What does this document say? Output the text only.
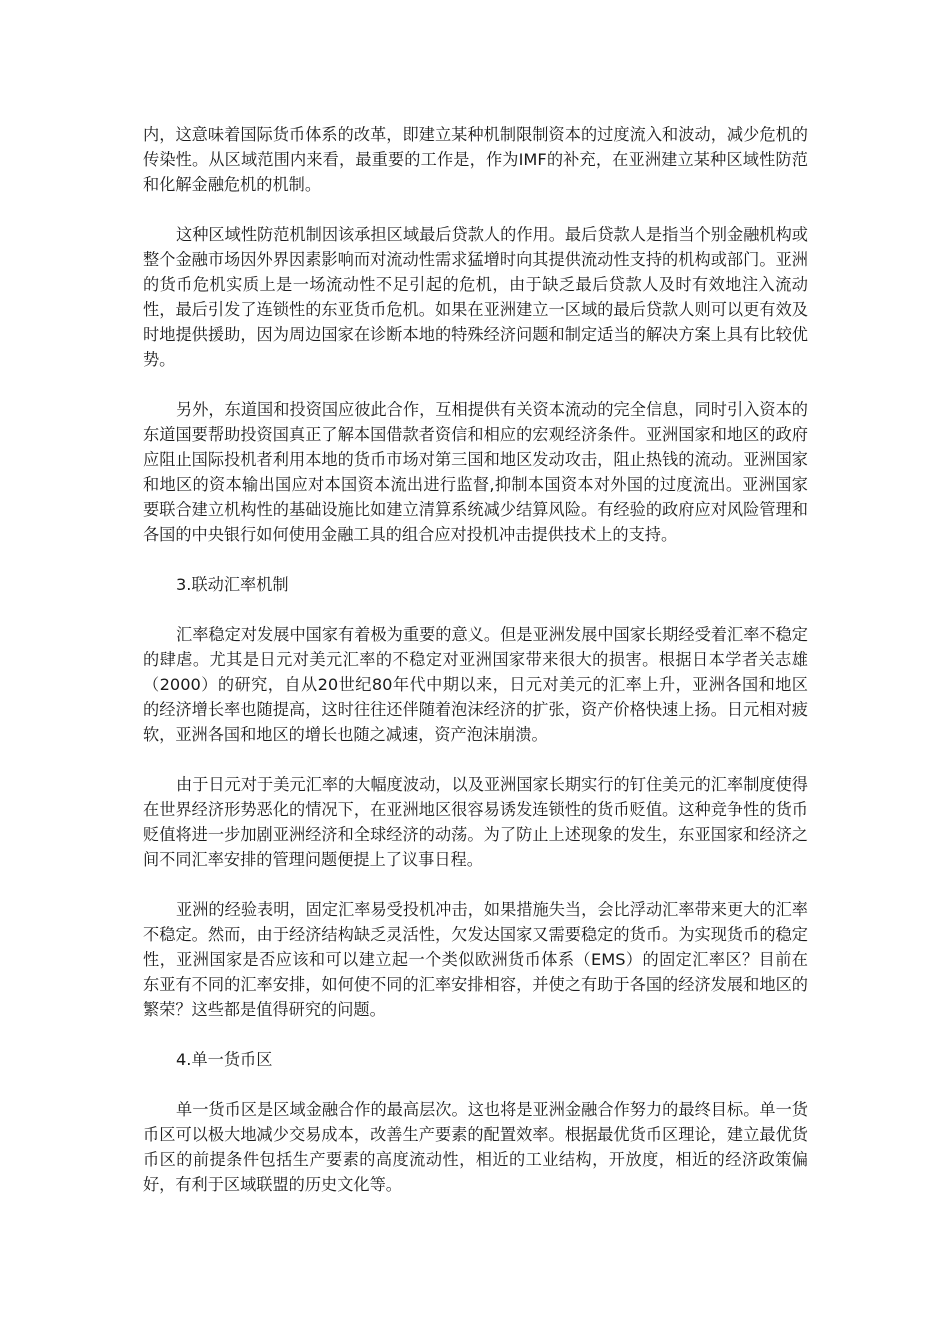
内，这意味着国际货币体系的改革，即建立某种机制限制资本的过度流入和波动，减少危机的传染性。从区域范围内来看，最重要的工作是，作为IMF的补充，在亚洲建立某种区域性防范和化解金融危机的机制。

这种区域性防范机制因该承担区域最后贷款人的作用。最后贷款人是指当个别金融机构或整个金融市场因外界因素影响而对流动性需求猛增时向其提供流动性支持的机构或部门。亚洲的货币危机实质上是一场流动性不足引起的危机，由于缺乏最后贷款人及时有效地注入流动性，最后引发了连锁性的东亚货币危机。如果在亚洲建立一区域的最后贷款人则可以更有效及时地提供援助，因为周边国家在诊断本地的特殊经济问题和制定适当的解决方案上具有比较优势。

另外，东道国和投资国应彼此合作，互相提供有关资本流动的完全信息，同时引入资本的东道国要帮助投资国真正了解本国借款者资信和相应的宏观经济条件。亚洲国家和地区的政府应阻止国际投机者利用本地的货币市场对第三国和地区发动攻击，阻止热钱的流动。亚洲国家和地区的资本输出国应对本国资本流出进行监督,抑制本国资本对外国的过度流出。亚洲国家要联合建立机构性的基础设施比如建立清算系统减少结算风险。有经验的政府应对风险管理和各国的中央银行如何使用金融工具的组合应对投机冲击提供技术上的支持。

3.联动汇率机制

汇率稳定对发展中国家有着极为重要的意义。但是亚洲发展中国家长期经受着汇率不稳定的肆虐。尤其是日元对美元汇率的不稳定对亚洲国家带来很大的损害。根据日本学者关志雄（2000）的研究，自从20世纪80年代中期以来，日元对美元的汇率上升，亚洲各国和地区的经济增长率也随提高，这时往往还伴随着泡沫经济的扩张，资产价格快速上扬。日元相对疲软，亚洲各国和地区的增长也随之减速，资产泡沫崩溃。

由于日元对于美元汇率的大幅度波动，以及亚洲国家长期实行的钉住美元的汇率制度使得在世界经济形势恶化的情况下，在亚洲地区很容易诱发连锁性的货币贬值。这种竞争性的货币贬值将进一步加剧亚洲经济和全球经济的动荡。为了防止上述现象的发生，东亚国家和经济之间不同汇率安排的管理问题便提上了议事日程。

亚洲的经验表明，固定汇率易受投机冲击，如果措施失当，会比浮动汇率带来更大的汇率不稳定。然而，由于经济结构缺乏灵活性，欠发达国家又需要稳定的货币。为实现货币的稳定性，亚洲国家是否应该和可以建立起一个类似欧洲货币体系（EMS）的固定汇率区？目前在东亚有不同的汇率安排，如何使不同的汇率安排相容，并使之有助于各国的经济发展和地区的繁荣？这些都是值得研究的问题。

4.单一货币区

单一货币区是区域金融合作的最高层次。这也将是亚洲金融合作努力的最终目标。单一货币区可以极大地减少交易成本，改善生产要素的配置效率。根据最优货币区理论，建立最优货币区的前提条件包括生产要素的高度流动性，相近的工业结构，开放度，相近的经济政策偏好，有利于区域联盟的历史文化等。
